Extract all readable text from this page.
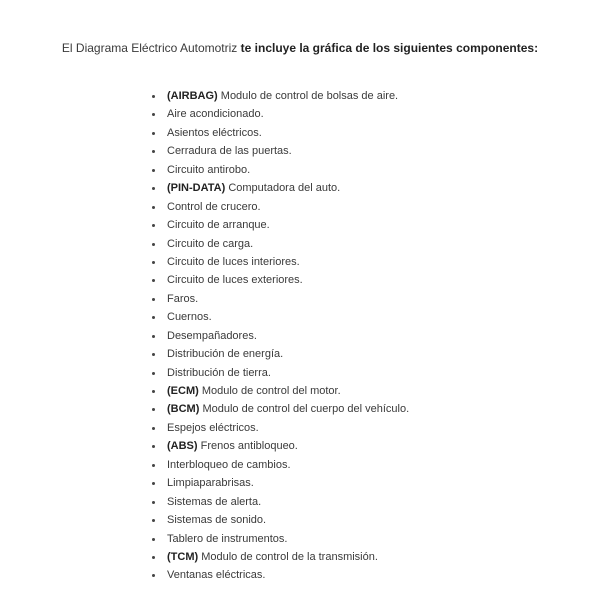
El Diagrama Eléctrico Automotriz te incluye la gráfica de los siguientes componentes:

(AIRBAG) Modulo de control de bolsas de aire.
Aire acondicionado.
Asientos eléctricos.
Cerradura de las puertas.
Circuito antirobo.
(PIN-DATA) Computadora del auto.
Control de crucero.
Circuito de arranque.
Circuito de carga.
Circuito de luces interiores.
Circuito de luces exteriores.
Faros.
Cuernos.
Desempañadores.
Distribución de energía.
Distribución de tierra.
(ECM) Modulo de control del motor.
(BCM) Modulo de control del cuerpo del vehículo.
Espejos eléctricos.
(ABS) Frenos antibloqueo.
Interbloqueo de cambios.
Limpiaparabrisas.
Sistemas de alerta.
Sistemas de sonido.
Tablero de instrumentos.
(TCM) Modulo de control de la transmisión.
Ventanas eléctricas.
